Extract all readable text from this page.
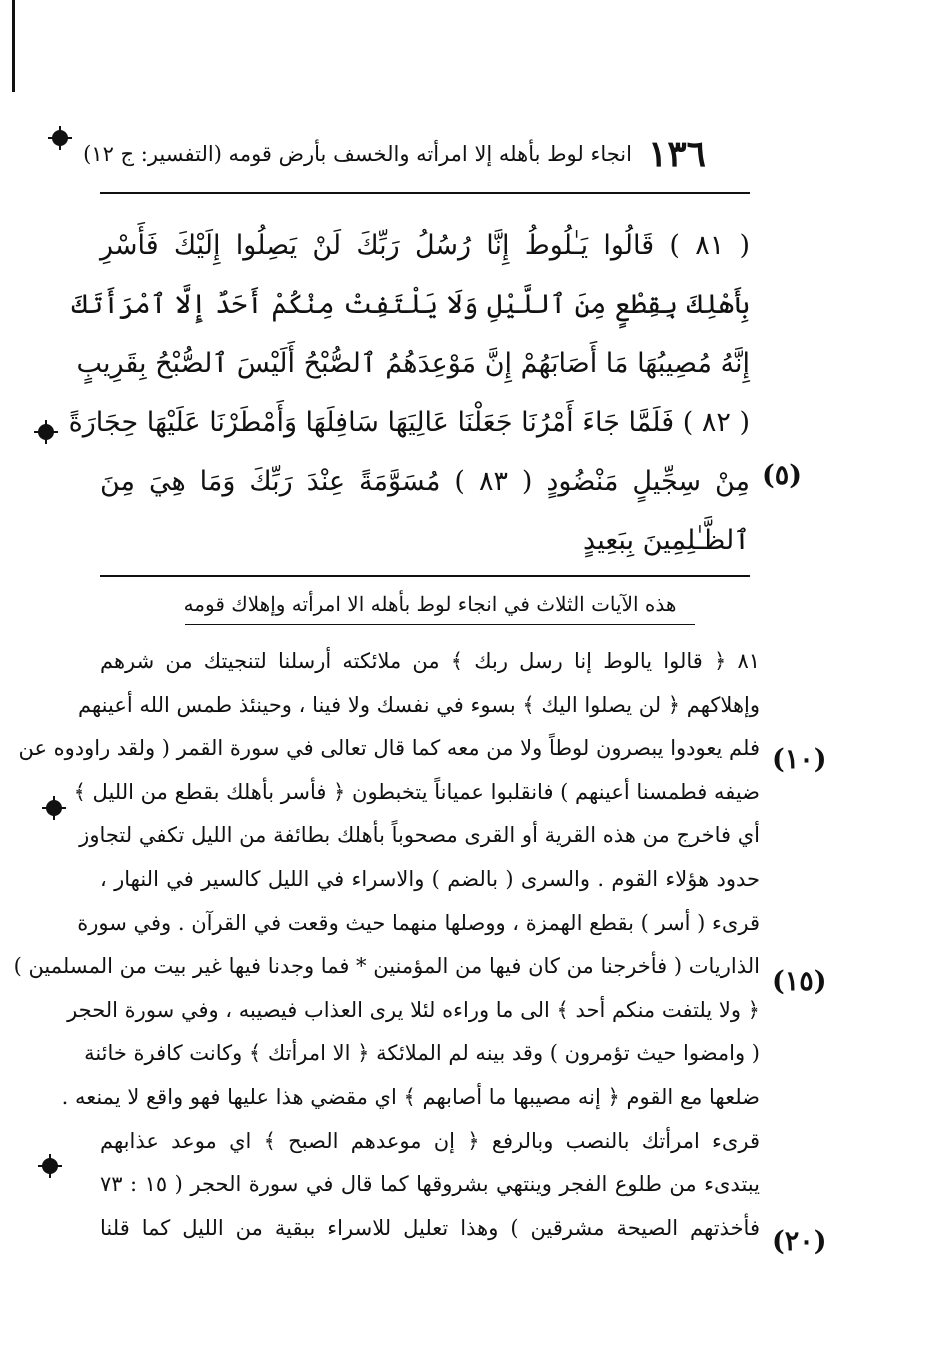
١٣٦
انجاء لوط بأهله إلا امرأته والخسف بأرض قومه (التفسير: ج ١٢)
( ٨١ ) قَالُوا يَـٰلُوطُ إِنَّا رُسُلُ رَبِّكَ لَنْ يَصِلُوا إِلَيْكَ فَأَسْرِ
بِأَهْلِكَ بِقِطْعٍ مِنَ ٱللَّيْلِ وَلَا يَلْتَفِتْ مِنْكُمْ أَحَدٌ إِلَّا ٱمْرَأَتَكَ
إِنَّهُ مُصِيبُهَا مَا أَصَابَهُمْ إِنَّ مَوْعِدَهُمُ ٱلصُّبْحُ أَلَيْسَ ٱلصُّبْحُ بِقَرِيبٍ
( ٨٢ ) فَلَمَّا جَاءَ أَمْرُنَا جَعَلْنَا عَالِيَهَا سَافِلَهَا وَأَمْطَرْنَا عَلَيْهَا حِجَارَةً
مِنْ سِجِّيلٍ مَنْضُودٍ ( ٨٣ ) مُسَوَّمَةً عِنْدَ رَبِّكَ وَمَا هِيَ مِنَ
ٱلظَّـٰلِمِينَ بِبَعِيدٍ
(٥)
هذه الآيات الثلاث في انجاء لوط بأهله الا امرأته وإهلاك قومه
٨١ ﴿ قالوا يالوط إنا رسل ربك ﴾ من ملائكته أرسلنا لتنجيتك من شرهم
وإهلاكهم ﴿ لن يصلوا اليك ﴾ بسوء في نفسك ولا فينا ، وحينئذ طمس الله أعينهم
فلم يعودوا يبصرون لوطاً ولا من معه كما قال تعالى في سورة القمر ( ولقد راودوه عن
ضيفه فطمسنا أعينهم ) فانقلبوا عمياناً يتخبطون ﴿ فأسر بأهلك بقطع من الليل ﴾
أي فاخرج من هذه القرية أو القرى مصحوباً بأهلك بطائفة من الليل تكفي لتجاوز
حدود هؤلاء القوم . والسرى ( بالضم ) والاسراء في الليل كالسير في النهار ،
قرىء ( أسر ) بقطع الهمزة ، ووصلها منهما حيث وقعت في القرآن . وفي سورة
الذاريات ( فأخرجنا من كان فيها من المؤمنين * فما وجدنا فيها غير بيت من المسلمين )
﴿ ولا يلتفت منكم أحد ﴾ الى ما وراءه لئلا يرى العذاب فيصيبه ، وفي سورة الحجر
( وامضوا حيث تؤمرون ) وقد بينه لم الملائكة ﴿ الا امرأتك ﴾ وكانت كافرة خائنة
ضلعها مع القوم ﴿ إنه مصيبها ما أصابهم ﴾ اي مقضي هذا عليها فهو واقع لا يمنعه .
قرىء امرأتك بالنصب وبالرفع ﴿ إن موعدهم الصبح ﴾ اي موعد عذابهم
يبتدىء من طلوع الفجر وينتهي بشروقها كما قال في سورة الحجر ( ١٥ : ٧٣
فأخذتهم الصيحة مشرقين ) وهذا تعليل للاسراء ببقية من الليل كما قلنا
(١٠)
(١٥)
(٢٠)
